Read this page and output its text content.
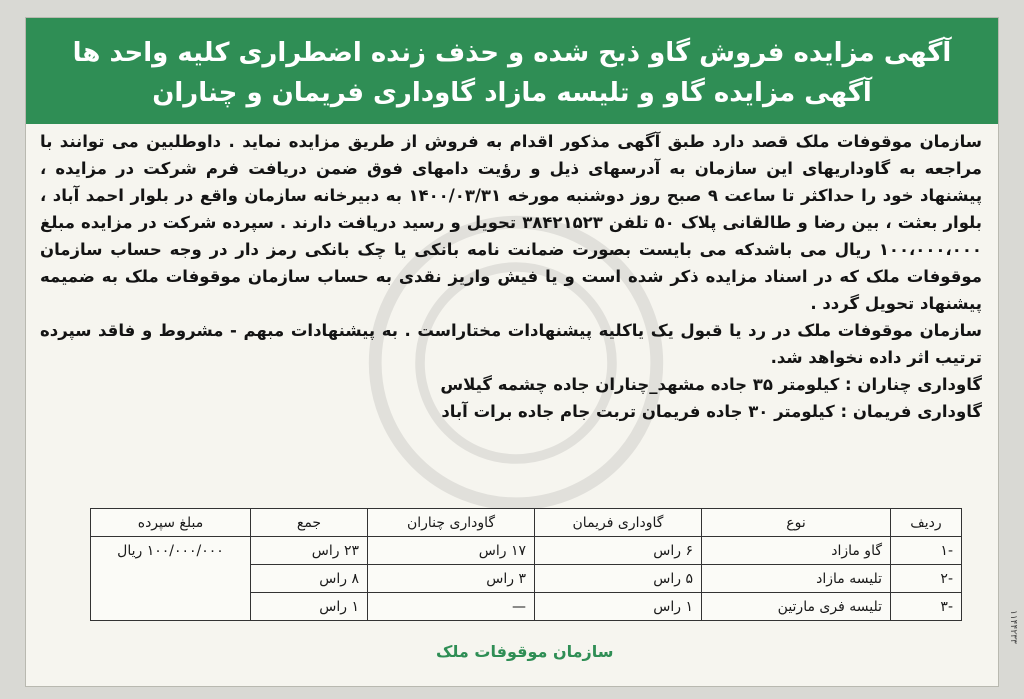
آگهی مزایده فروش گاو ذبح شده و حذف زنده اضطراری کلیه واحد ها
آگهی مزایده گاو و تلیسه مازاد گاوداری فریمان و چناران

سازمان موقوفات ملک قصد دارد طبق آگهی مذکور اقدام به فروش از طریق مزایده نماید . داوطلبین می توانند با مراجعه به گاوداریهای این سازمان به آدرسهای ذیل و رؤیت دامهای فوق ضمن دریافت فرم شرکت در مزایده ، پیشنهاد خود را حداکثر تا ساعت ۹ صبح روز دوشنبه مورخه ۱۴۰۰/۰۳/۳۱ به دبیرخانه سازمان واقع در بلوار احمد آباد ، بلوار بعثت ، بین رضا و طالقانی پلاک ۵۰ تلفن ۳۸۴۲۱۵۲۳ تحویل و رسید دریافت دارند . سپرده شرکت در مزایده مبلغ ۱۰۰،۰۰۰،۰۰۰ ریال می باشدکه می بایست بصورت ضمانت نامه بانکی یا چک بانکی رمز دار در وجه حساب سازمان موقوفات ملک که در اسناد مزایده ذکر شده است و یا فیش واریز نقدی به حساب سازمان موقوفات ملک به ضمیمه پیشنهاد تحویل گردد .

سازمان موقوفات ملک در رد یا قبول یک یاکلیه پیشنهادات مختاراست . به پیشنهادات مبهم - مشروط و فاقد سپرده ترتیب اثر داده نخواهد شد.

گاوداری چناران : کیلومتر ۳۵ جاده مشهد_چناران جاده چشمه گیلاس

گاوداری فریمان : کیلومتر ۳۰ جاده فریمان تربت جام جاده برات آباد

ردیف	نوع	گاوداری فریمان	گاوداری چناران	جمع	مبلغ سپرده
-۱	گاو مازاد	۶ راس	۱۷ راس	۲۳ راس	۱۰۰/۰۰۰/۰۰۰ ریال
-۲	تلیسه مازاد	۵ راس	۳ راس	۸ راس	
-۳	تلیسه فری مارتین	۱ راس	—	۱ راس	
سازمان موقوفات ملک
۱۱۴۴۲۳۳
